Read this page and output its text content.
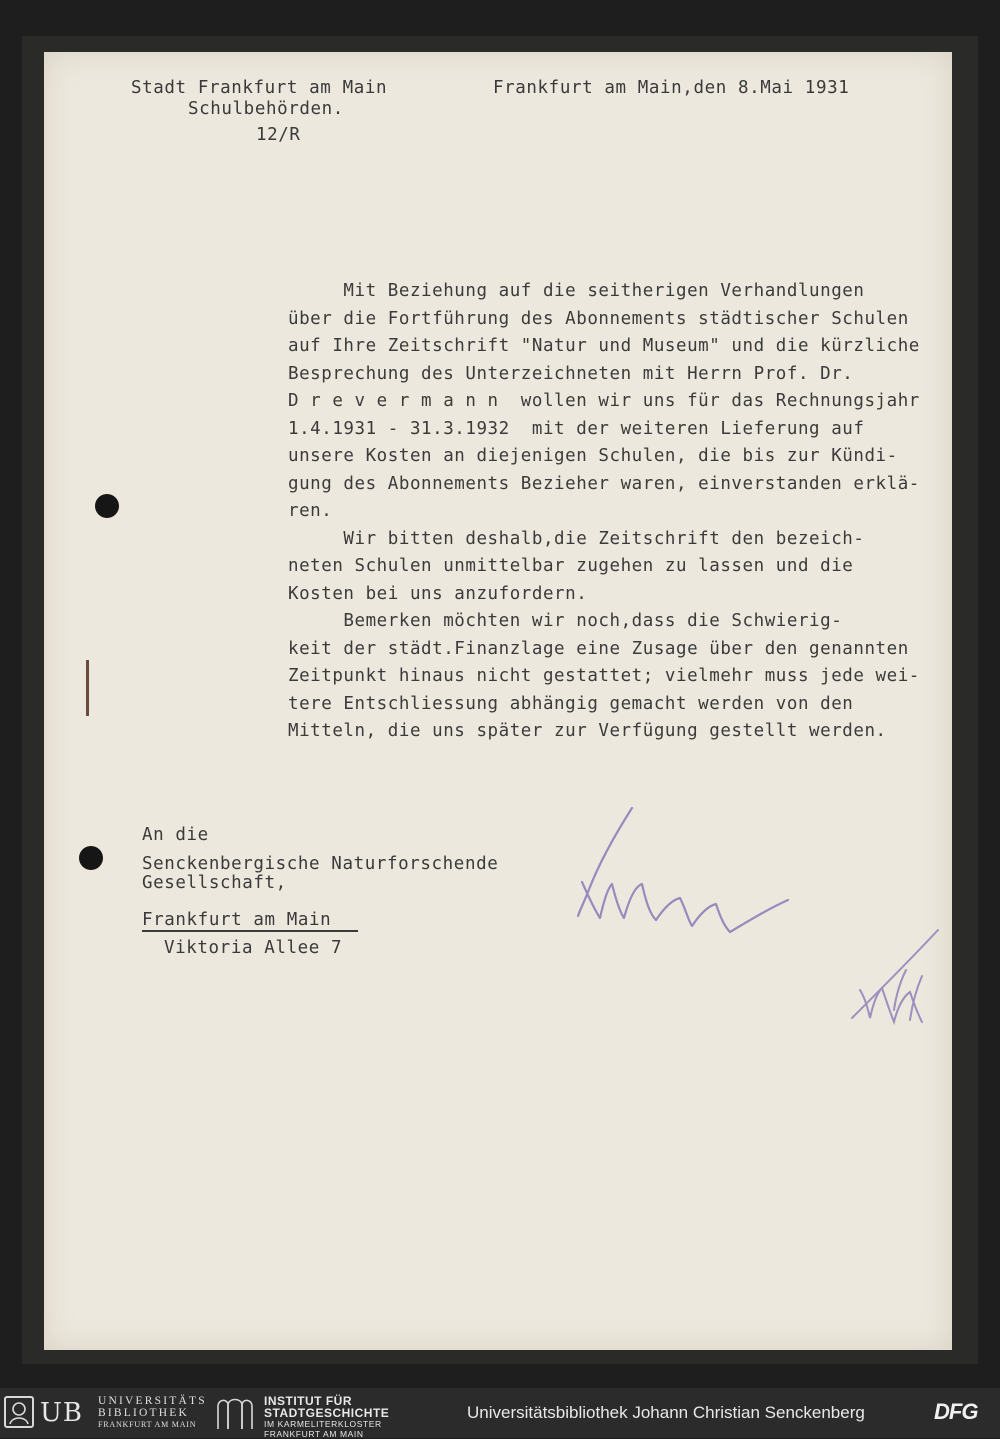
Stadt Frankfurt am Main
Schulbehörden.
12/R
Frankfurt am Main,den 8.Mai 1931
Mit Beziehung auf die seitherigen Verhandlungen
über die Fortführung des Abonnements städtischer Schulen
auf Ihre Zeitschrift "Natur und Museum" und die kürzliche
Besprechung des Unterzeichneten mit Herrn Prof. Dr.
D r e v e r m a n n  wollen wir uns für das Rechnungsjahr
1.4.1931 - 31.3.1932  mit der weiteren Lieferung auf
unsere Kosten an diejenigen Schulen, die bis zur Kündi-
gung des Abonnements Bezieher waren, einverstanden erklä-
ren.
Wir bitten deshalb,die Zeitschrift den bezeich-
neten Schulen unmittelbar zugehen zu lassen und die
Kosten bei uns anzufordern.
Bemerken möchten wir noch,dass die Schwierig-
keit der städt.Finanzlage eine Zusage über den genannten
Zeitpunkt hinaus nicht gestattet; vielmehr muss jede wei-
tere Entschliessung abhängig gemacht werden von den
Mitteln, die uns später zur Verfügung gestellt werden.
An die
Senckenbergische Naturforschende
Gesellschaft,
Frankfurt am Main
Viktoria Allee 7
UB UNIVERSITÄTS
BIBLIOTHEK
FRANKFURT AM MAIN
INSTITUT FÜR
STADTGESCHICHTE
IM KARMELITERKLOSTER
FRANKFURT AM MAIN
Universitätsbibliothek Johann Christian Senckenberg	DFG
